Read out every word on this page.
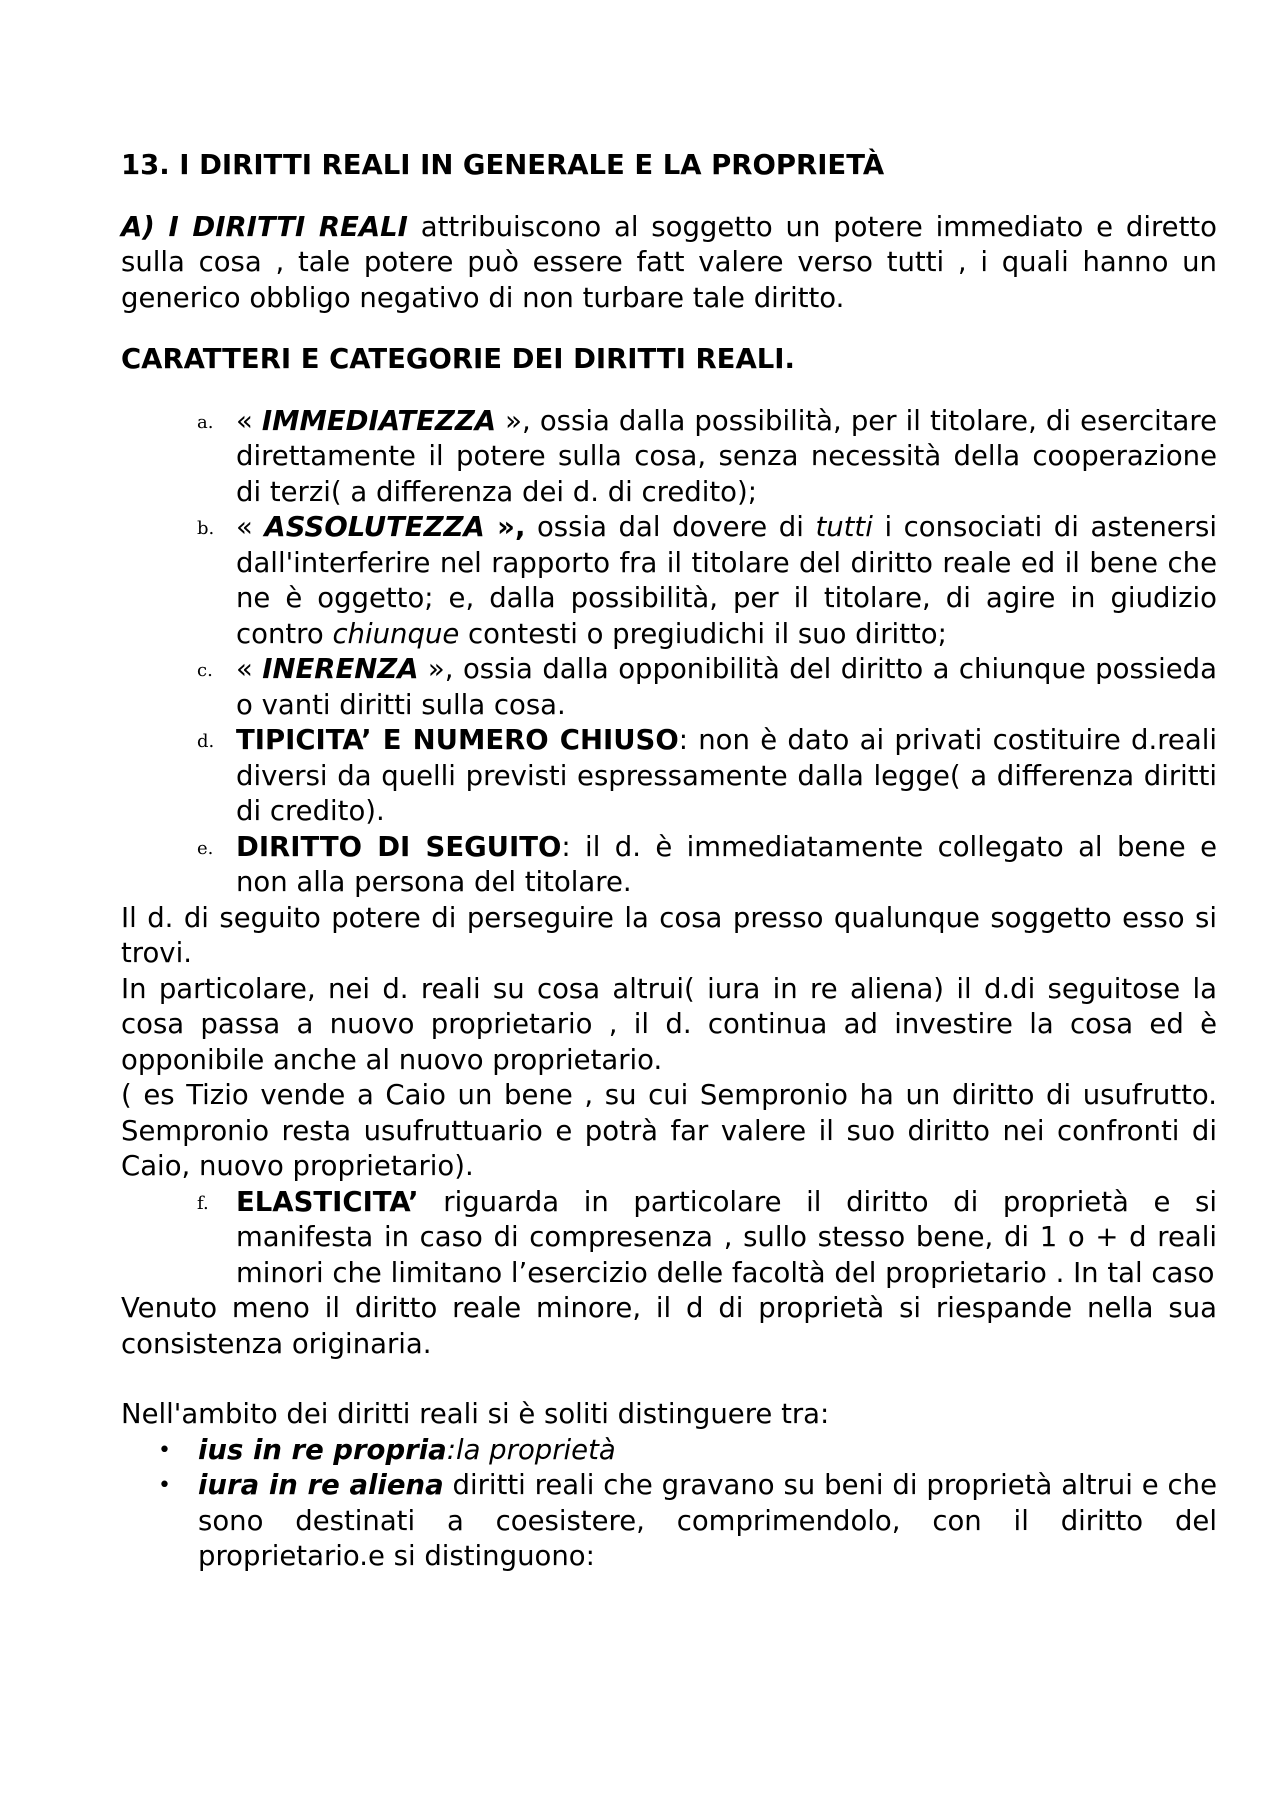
13. I DIRITTI REALI IN GENERALE E LA PROPRIETÀ

A) I DIRITTI REALI attribuiscono al soggetto un potere immediato e diretto sulla cosa , tale potere può essere fatt valere verso tutti , i quali hanno un generico obbligo negativo di non turbare tale diritto.

CARATTERI E CATEGORIE DEI DIRITTI REALI.

a. « IMMEDIATEZZA », ossia dalla possibilità, per il titolare, di esercitare direttamente il potere sulla cosa, senza necessità della cooperazione di terzi( a differenza dei d. di credito);
b. « ASSOLUTEZZA », ossia dal dovere di tutti i consociati di astenersi dall'interferire nel rapporto fra il titolare del diritto reale ed il bene che ne è oggetto; e, dalla possibilità, per il titolare, di agire in giudizio contro chiunque contesti o pregiudichi il suo diritto;
c. « INERENZA », ossia dalla opponibilità del diritto a chiunque possieda o vanti diritti sulla cosa.
d. TIPICITA’ E NUMERO CHIUSO: non è dato ai privati costituire d.reali diversi da quelli previsti espressamente dalla legge( a differenza diritti di credito).
e. DIRITTO DI SEGUITO: il d. è immediatamente collegato al bene e non alla persona del titolare.

Il d. di seguito potere di perseguire la cosa presso qualunque soggetto esso si trovi.

In particolare, nei d. reali su cosa altrui( iura in re aliena) il d.di seguitose la cosa passa a nuovo proprietario , il d. continua ad investire la cosa ed è opponibile anche al nuovo proprietario.

( es Tizio vende a Caio un bene , su cui Sempronio ha un diritto di usufrutto. Sempronio resta usufruttuario e potrà far valere il suo diritto nei confronti di Caio, nuovo proprietario).

f. ELASTICITA’ riguarda in particolare il diritto di proprietà e si manifesta in caso di compresenza , sullo stesso bene, di 1 o + d reali minori che limitano l’esercizio delle facoltà del proprietario . In tal caso

Venuto meno il diritto reale minore, il d di proprietà si riespande nella sua consistenza originaria.

Nell'ambito dei diritti reali si è soliti distinguere tra:

• ius in re propria:la proprietà
• iura in re aliena diritti reali che gravano su beni di proprietà altrui e che sono destinati a coesistere, comprimendolo, con il diritto del proprietario.e si distinguono:
